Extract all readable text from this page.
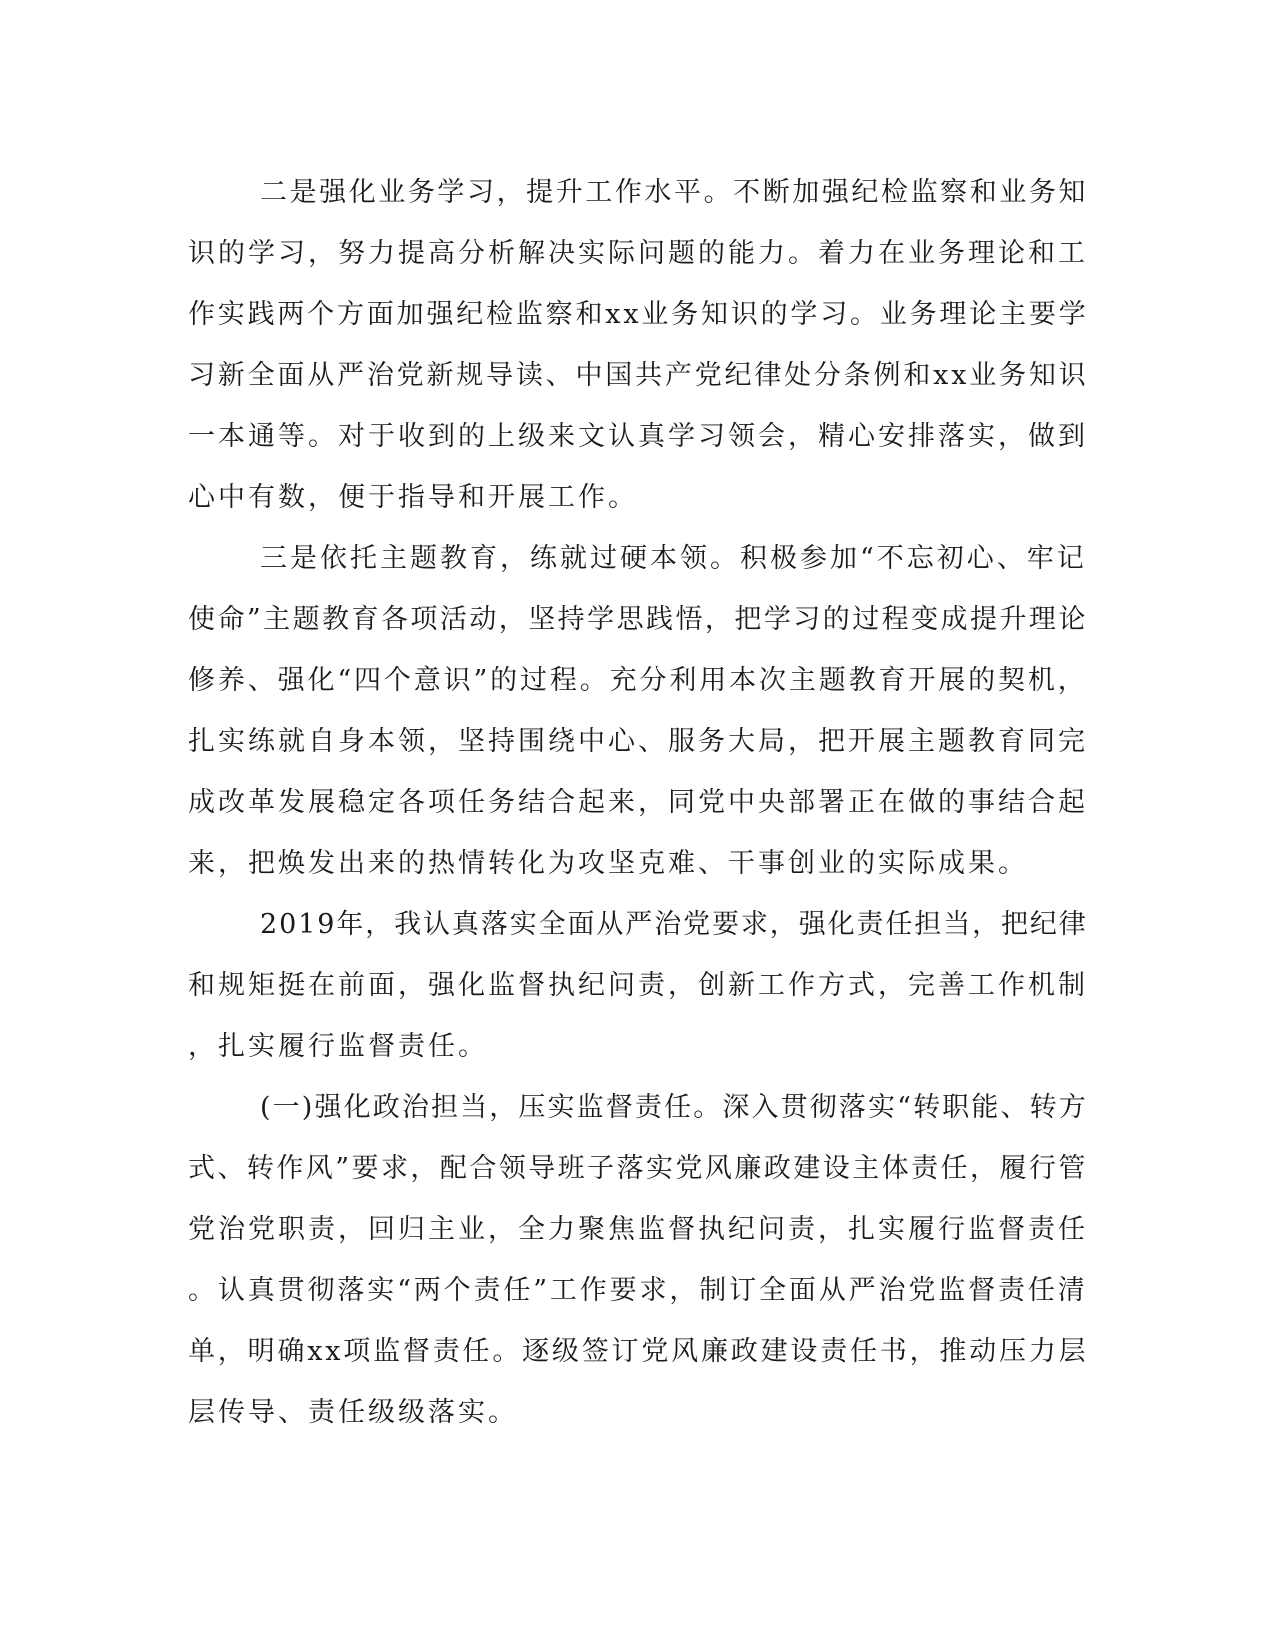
二是强化业务学习，提升工作水平。不断加强纪检监察和业务知
识的学习，努力提高分析解决实际问题的能力。着力在业务理论和工
作实践两个方面加强纪检监察和xx业务知识的学习。业务理论主要学
习新全面从严治党新规导读、中国共产党纪律处分条例和xx业务知识
一本通等。对于收到的上级来文认真学习领会，精心安排落实，做到
心中有数，便于指导和开展工作。
三是依托主题教育，练就过硬本领。积极参加“不忘初心、牢记
使命”主题教育各项活动，坚持学思践悟，把学习的过程变成提升理论
修养、强化“四个意识”的过程。充分利用本次主题教育开展的契机，
扎实练就自身本领，坚持围绕中心、服务大局，把开展主题教育同完
成改革发展稳定各项任务结合起来，同党中央部署正在做的事结合起
来，把焕发出来的热情转化为攻坚克难、干事创业的实际成果。
2019年，我认真落实全面从严治党要求，强化责任担当，把纪律
和规矩挺在前面，强化监督执纪问责，创新工作方式，完善工作机制
，扎实履行监督责任。
(一)强化政治担当，压实监督责任。深入贯彻落实“转职能、转方
式、转作风”要求，配合领导班子落实党风廉政建设主体责任，履行管
党治党职责，回归主业，全力聚焦监督执纪问责，扎实履行监督责任
。认真贯彻落实“两个责任”工作要求，制订全面从严治党监督责任清
单，明确xx项监督责任。逐级签订党风廉政建设责任书，推动压力层
层传导、责任级级落实。
